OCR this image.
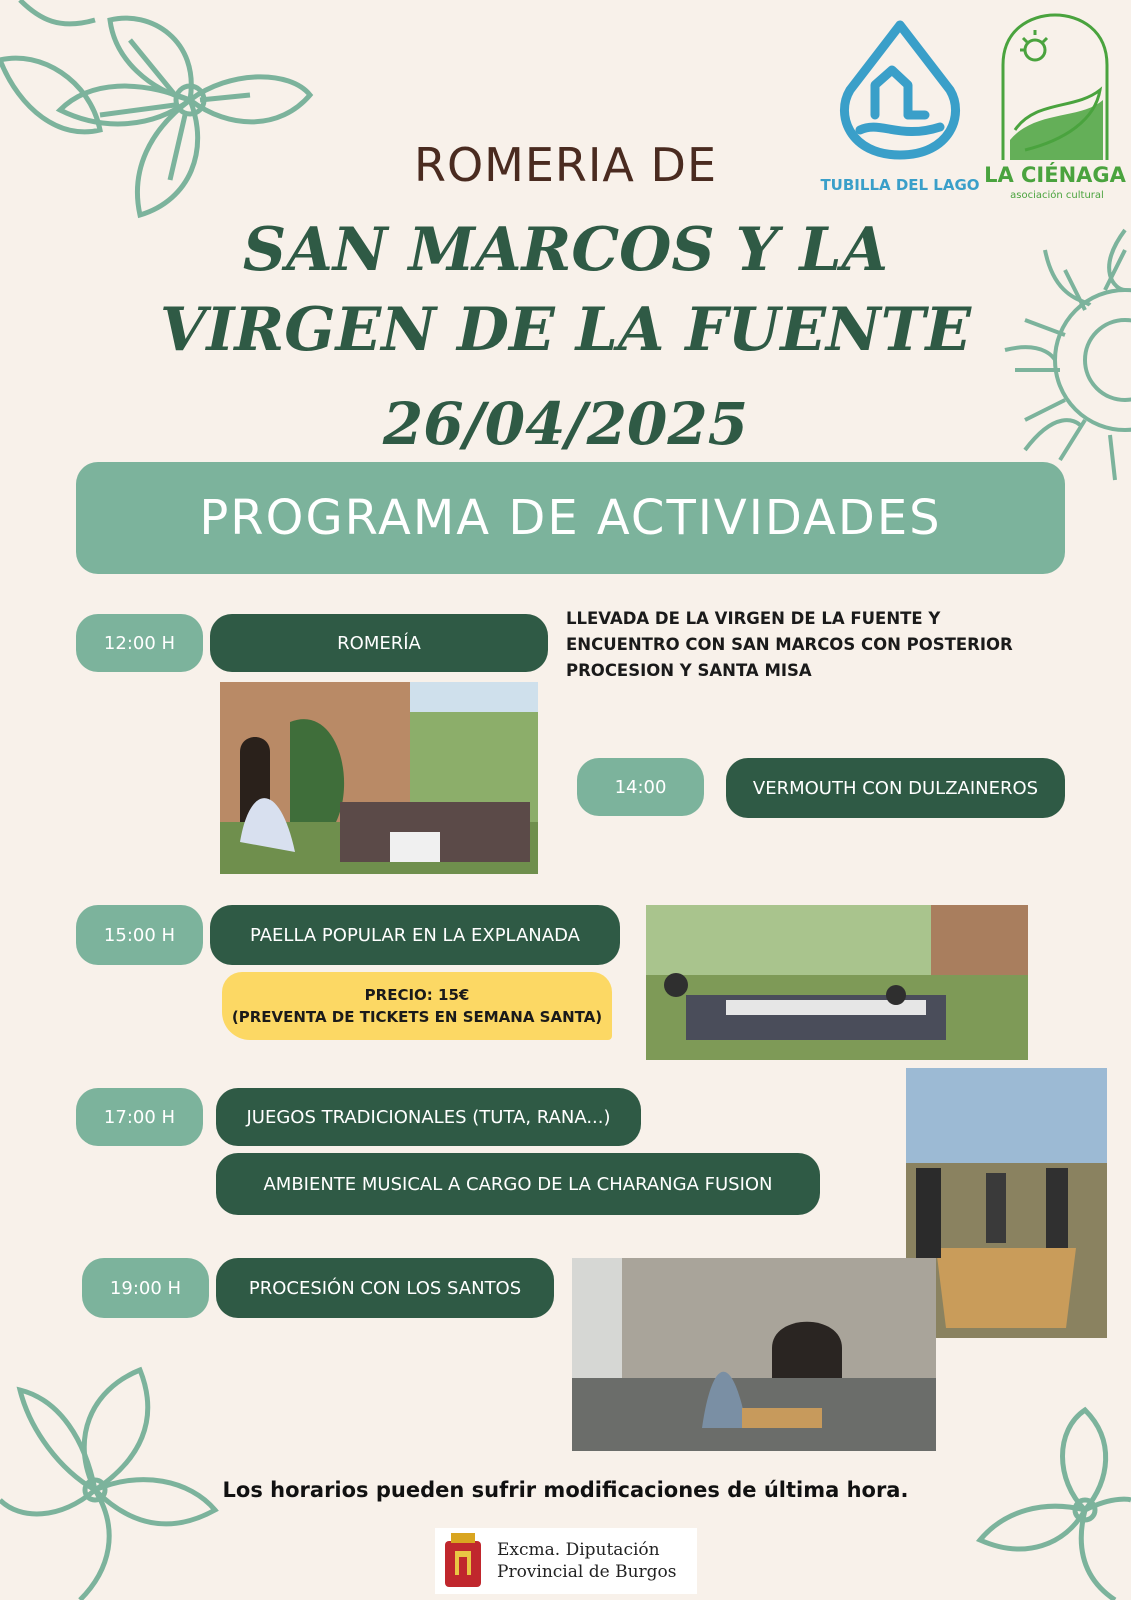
TUBILLA DEL LAGO LA CIÉNAGA
asociación cultural
ROMERIA DE
SAN MARCOS Y LA
VIRGEN DE LA FUENTE
26/04/2025
PROGRAMA DE ACTIVIDADES
12:00 H	ROMERÍA
LLEVADA DE LA VIRGEN DE LA FUENTE Y
ENCUENTRO CON SAN MARCOS CON POSTERIOR
PROCESION Y SANTA MISA
14:00	VERMOUTH CON DULZAINEROS
15:00 H	PAELLA POPULAR EN LA EXPLANADA
PRECIO: 15€
(PREVENTA DE TICKETS EN SEMANA SANTA)
17:00 H	JUEGOS TRADICIONALES (TUTA, RANA...)
AMBIENTE MUSICAL A CARGO DE LA CHARANGA FUSION
19:00 H	PROCESIÓN CON LOS SANTOS
Los horarios pueden sufrir modificaciones de última hora.
Excma. Diputación
Provincial de Burgos
